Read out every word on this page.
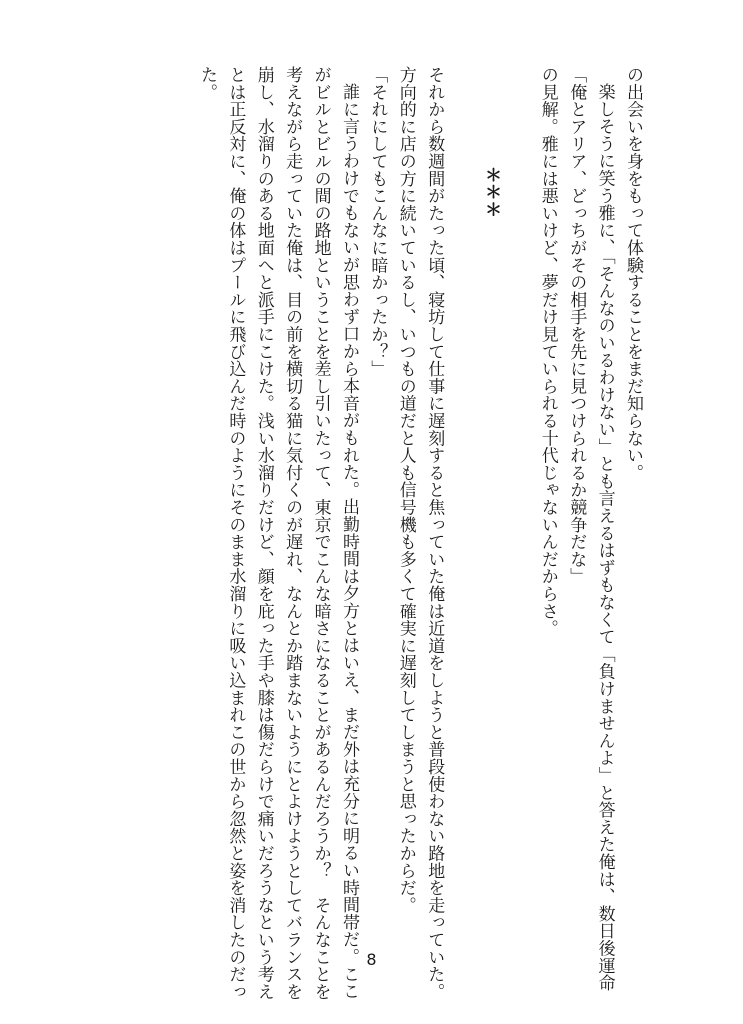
の出会いを身をもって体験することをまだ知らない。
楽しそうに笑う雅に、「そんなのいるわけない」とも言えるはずもなくて「負けませんよ」と答えた俺は、数日後運命
「俺とアリア、どっちがその相手を先に見つけられるか競争だな」
の見解。雅には悪いけど、夢だけ見ていられる十代じゃないんだからさ。
＊＊＊
それから数週間がたった頃、寝坊して仕事に遅刻すると焦っていた俺は近道をしようと普段使わない路地を走っていた。
方向的に店の方に続いているし、いつもの道だと人も信号機も多くて確実に遅刻してしまうと思ったからだ。
「それにしてもこんなに暗かったか？」
誰に言うわけでもないが思わず口から本音がもれた。出勤時間は夕方とはいえ、まだ外は充分に明るい時間帯だ。ここ
がビルとビルの間の路地ということを差し引いたって、東京でこんな暗さになることがあるんだろうか？　そんなことを
考えながら走っていた俺は、目の前を横切る猫に気付くのが遅れ、なんとか踏まないようにとよけようとしてバランスを
崩し、水溜りのある地面へと派手にこけた。浅い水溜りだけど、顔を庇った手や膝は傷だらけで痛いだろうなという考え
とは正反対に、俺の体はプールに飛び込んだ時のようにそのまま水溜りに吸い込まれこの世から忽然と姿を消したのだっ
た。
8
